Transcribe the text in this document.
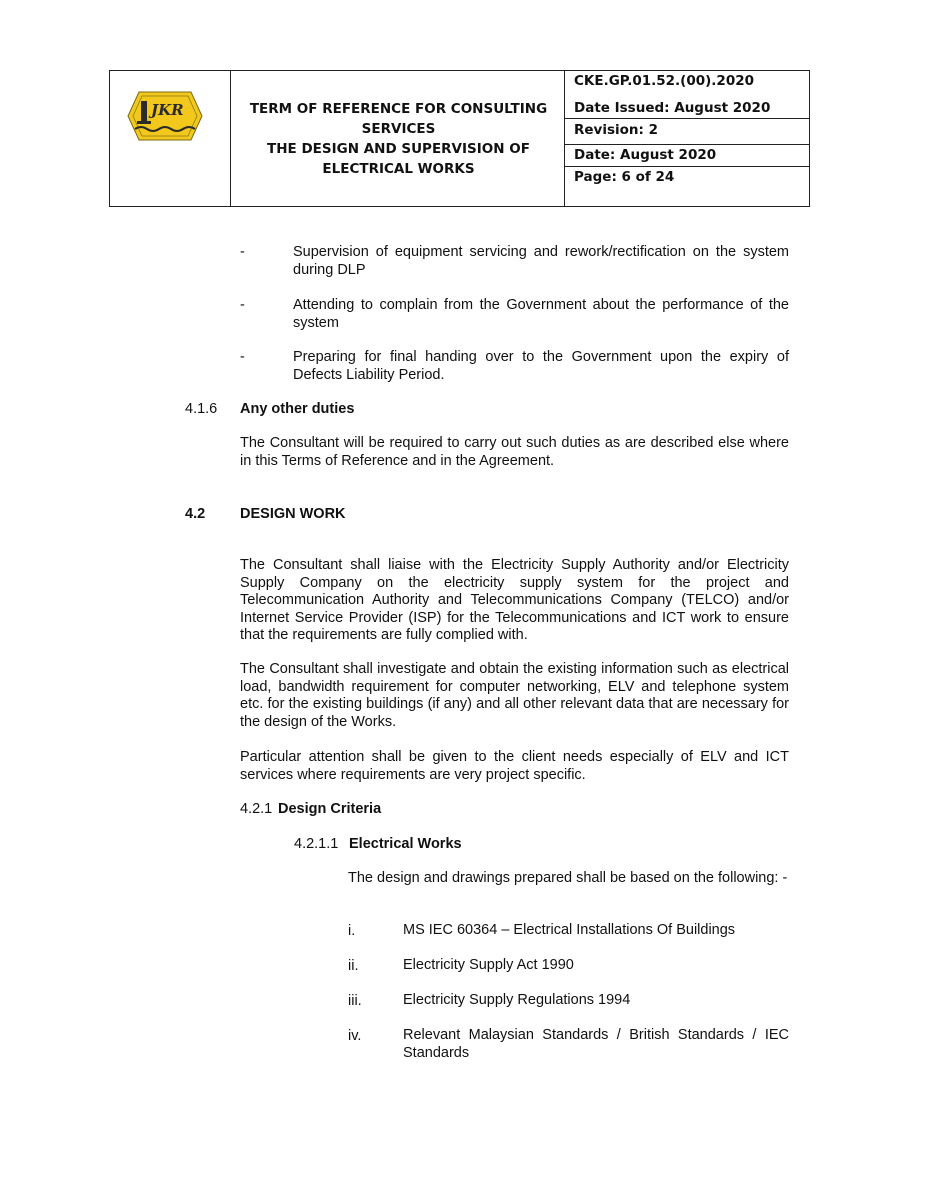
JKR	TERM OF REFERENCE FOR CONSULTING SERVICES
THE DESIGN AND SUPERVISION OF ELECTRICAL WORKS
CKE.GP.01.52.(00).2020
Date Issued: August 2020
Revision: 2
Date: August 2020
Page: 6 of 24
-	Supervision of equipment servicing and rework/rectification on the system during DLP
-	Attending to complain from the Government about the performance of the system
-	Preparing for final handing over to the Government upon the expiry of Defects Liability Period.
4.1.6 Any other duties
The Consultant will be required to carry out such duties as are described else where in this Terms of Reference and in the Agreement.
4.2 DESIGN WORK
The Consultant shall liaise with the Electricity Supply Authority and/or Electricity Supply Company on the electricity supply system for the project and Telecommunication Authority and Telecommunications Company (TELCO) and/or Internet Service Provider (ISP) for the Telecommunications and ICT work to ensure that the requirements are fully complied with.
The Consultant shall investigate and obtain the existing information such as electrical load, bandwidth requirement for computer networking, ELV and telephone system etc. for the existing buildings (if any) and all other relevant data that are necessary for the design of the Works.
Particular attention shall be given to the client needs especially of ELV and ICT services where requirements are very project specific.
4.2.1 Design Criteria
4.2.1.1 Electrical Works
The design and drawings prepared shall be based on the following: -
i.	MS IEC 60364 – Electrical Installations Of Buildings
ii.	Electricity Supply Act 1990
iii.	Electricity Supply Regulations 1994
iv.	Relevant Malaysian Standards / British Standards / IEC Standards
